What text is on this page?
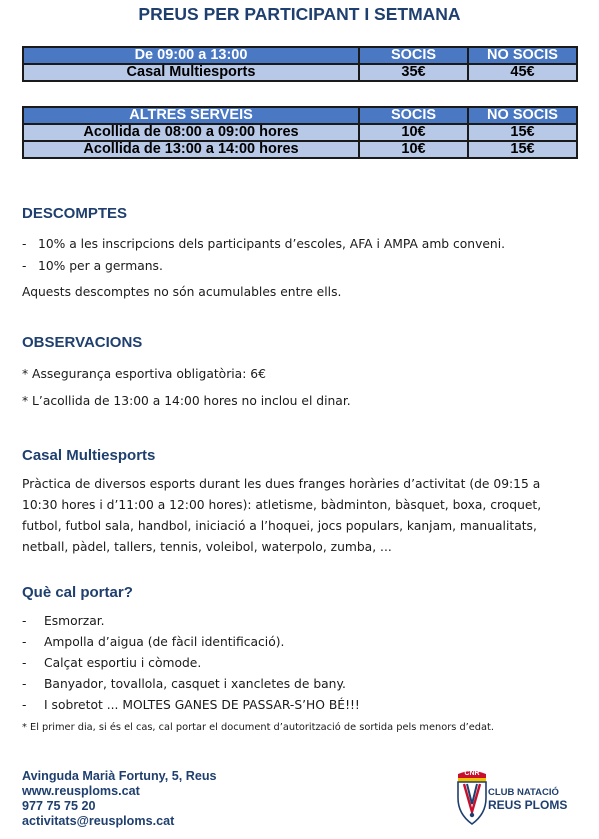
PREUS PER PARTICIPANT I SETMANA
De 09:00 a 13:00	SOCIS	NO SOCIS
Casal Multiesports	35€	45€
ALTRES SERVEIS	SOCIS	NO SOCIS
Acollida de 08:00 a 09:00 hores	10€	15€
Acollida de 13:00 a 14:00 hores	10€	15€
DESCOMPTES
- 10% a les inscripcions dels participants d’escoles, AFA i AMPA amb conveni.
- 10% per a germans.
Aquests descomptes no són acumulables entre ells.
OBSERVACIONS
* Assegurança esportiva obligatòria: 6€
* L’acollida de 13:00 a 14:00 hores no inclou el dinar.
Casal Multiesports
Pràctica de diversos esports durant les dues franges horàries d’activitat (de 09:15 a
10:30 hores i d’11:00 a 12:00 hores): atletisme, bàdminton, bàsquet, boxa, croquet,
futbol, futbol sala, handbol, iniciació a l’hoquei, jocs populars, kanjam, manualitats,
netball, pàdel, tallers, tennis, voleibol, waterpolo, zumba, ...
Què cal portar?
- Esmorzar.
- Ampolla d’aigua (de fàcil identificació).
- Calçat esportiu i còmode.
- Banyador, tovallola, casquet i xancletes de bany.
- I sobretot ... MOLTES GANES DE PASSAR-S’HO BÉ!!!
* El primer dia, si és el cas, cal portar el document d’autorització de sortida pels menors d’edat.
Avinguda Marià Fortuny, 5, Reus
www.reusploms.cat
977 75 75 20
activitats@reusploms.cat
CNR
CLUB NATACIÓ
REUS PLOMS
